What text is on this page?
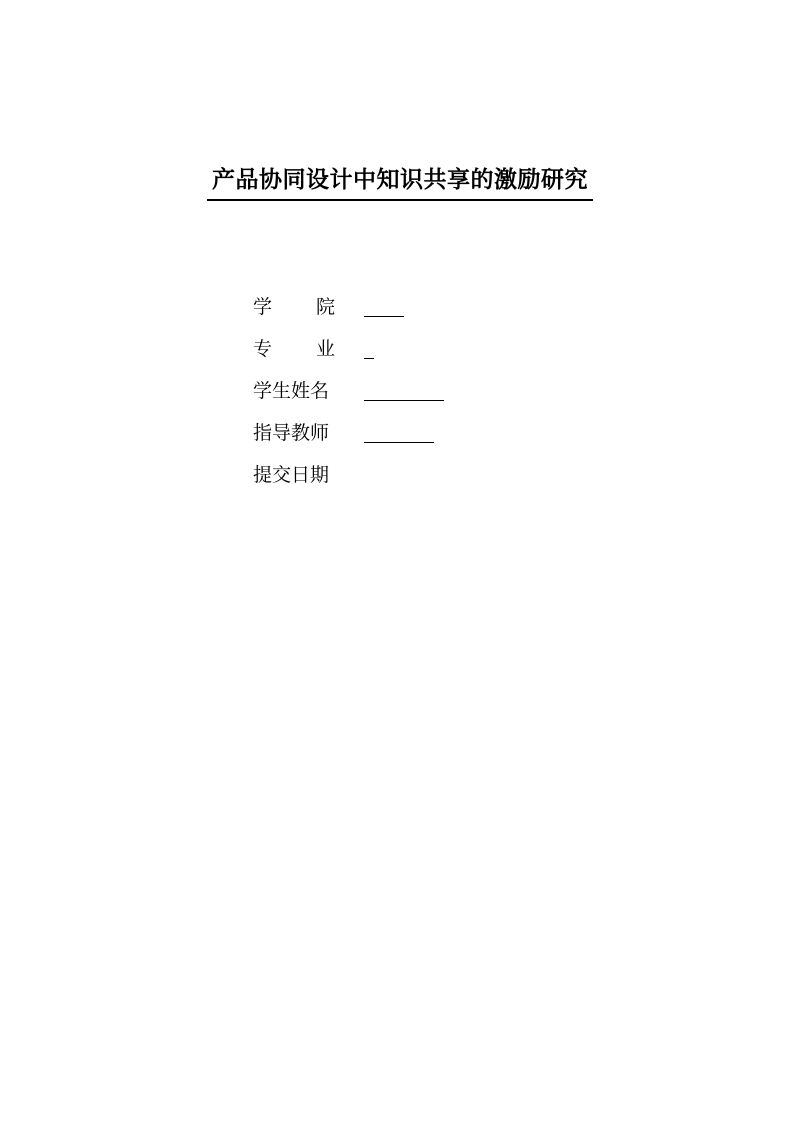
产品协同设计中知识共享的激励研究
学 院
专 业
学生姓名
指导教师
提交日期
